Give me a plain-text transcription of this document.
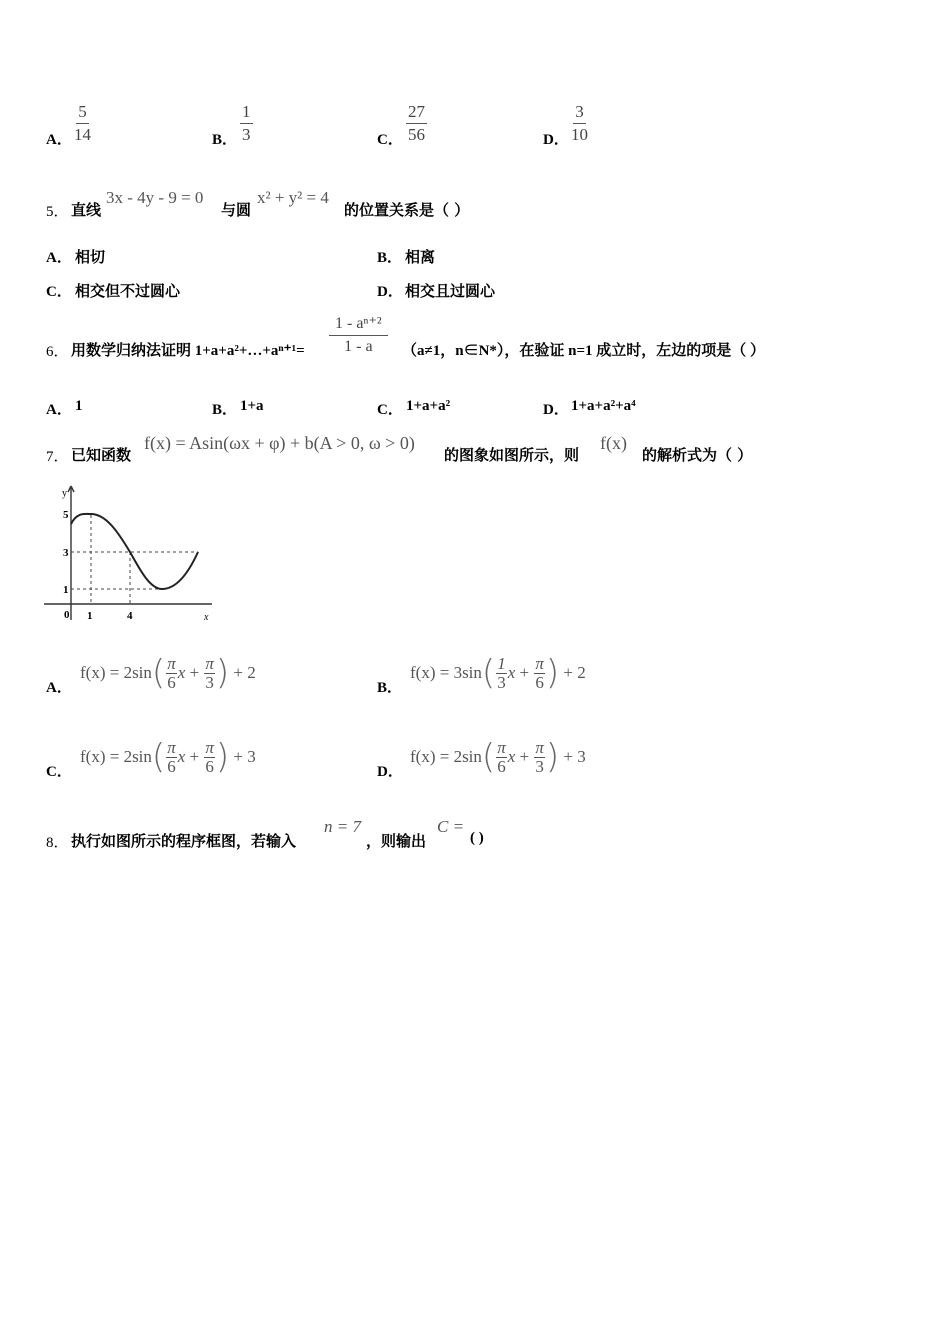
A． $\frac{5}{14}$	B． $\frac{1}{3}$	C． $\frac{27}{56}$	D． $\frac{3}{10}$
5． 直线
3x - 4y - 9 = 0
与圆
x² + y² = 4
的位置关系是（ ）
A． 相切	B． 相离
C． 相交但不过圆心	D． 相交且过圆心
6． 用数学归纳法证明 1+a+a²+…+aⁿ⁺¹= $\frac{\text{1 - aⁿ⁺²}}{1 - a} (a\ne 1$，n∈N*），在验证 n=1 成立时，左边的项是（ ）
A． 1	B． 1+a	C． 1+a+a²	D． 1+a+a²+a⁴
7． 已知函数
f(x) = Asin(ωx + φ) + b(A > 0, ω > 0)
的图象如图所示，则
f(x)
的解析式为（ ）
y
x
5
3
1
0 1	4
A．
f(x) = 2sin ( π
6 x + π
3 )
+ 2
B．
f(x) = 3sin ( 1
3 x + π
6 )
+ 2
C．
f(x) = 2sin ( π
6 x + π
6 )
+ 3
D．
f(x) = 2sin ( π
6 x + π
3 )
+ 3
8． 执行如图所示的程序框图，若输入
n = 7
，则输出
C =
( )
